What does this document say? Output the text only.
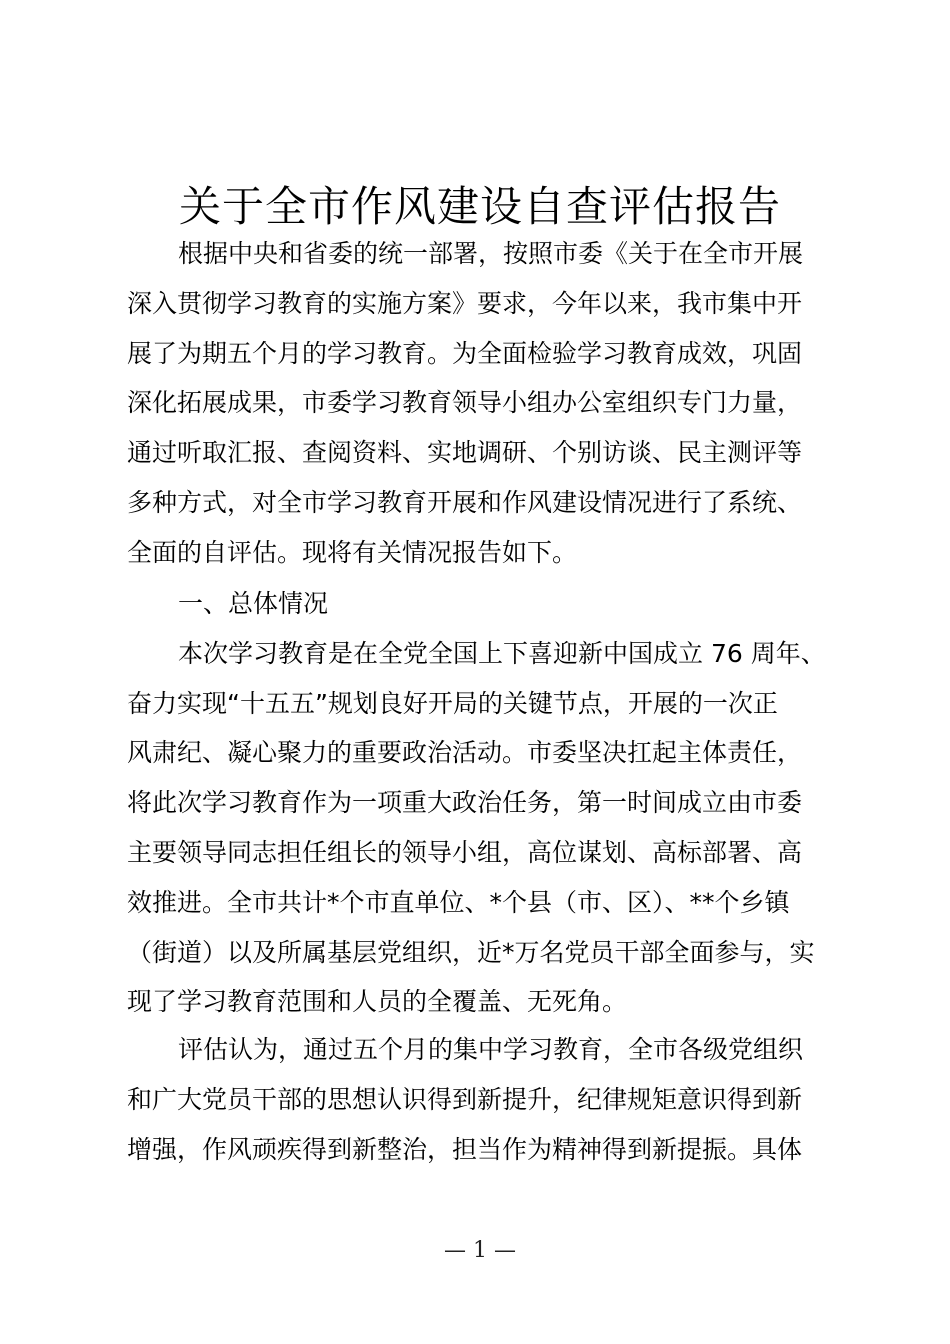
关于全市作风建设自查评估报告
根据中央和省委的统一部署，按照市委《关于在全市开展
深入贯彻学习教育的实施方案》要求，今年以来，我市集中开
展了为期五个月的学习教育。为全面检验学习教育成效，巩固
深化拓展成果，市委学习教育领导小组办公室组织专门力量，
通过听取汇报、查阅资料、实地调研、个别访谈、民主测评等
多种方式，对全市学习教育开展和作风建设情况进行了系统、
全面的自评估。现将有关情况报告如下。
一、总体情况
本次学习教育是在全党全国上下喜迎新中国成立 76 周年、
奋力实现“十五五”规划良好开局的关键节点，开展的一次正
风肃纪、凝心聚力的重要政治活动。市委坚决扛起主体责任，
将此次学习教育作为一项重大政治任务，第一时间成立由市委
主要领导同志担任组长的领导小组，高位谋划、高标部署、高
效推进。全市共计*个市直单位、*个县（市、区）、**个乡镇
（街道）以及所属基层党组织，近*万名党员干部全面参与，实
现了学习教育范围和人员的全覆盖、无死角。
评估认为，通过五个月的集中学习教育，全市各级党组织
和广大党员干部的思想认识得到新提升，纪律规矩意识得到新
增强，作风顽疾得到新整治，担当作为精神得到新提振。具体
— 1 —
